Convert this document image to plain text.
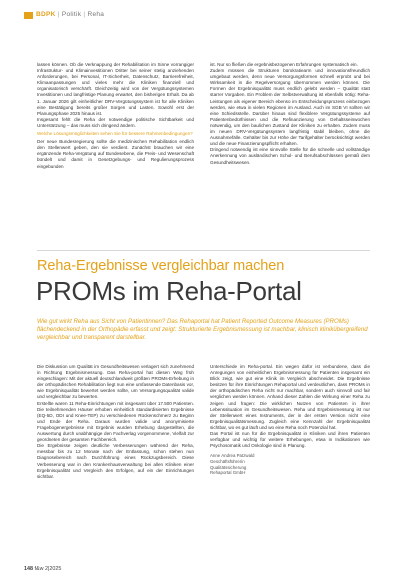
BDPK | Politik | Reha

lassen können. Ob die Verknappung der Rehabilitation im Sinne vorrangiger Infrastruktur- und Klimainvestitionen Dritter bei seiner stetig anziehenden Anforderungen, bei Personal, IT-Sicherheit, Datenschutz, Barrierefreiheit, Klimaanpassungen und vieles mehr die Kliniken finanziell und organisatorisch verschärft. Gleichzeitig wird von der Vergütungssystemen Investitionen und langfristige Planung erwartet, den bisherigen Erhalt. Da ab 1. Januar 2026 gilt einheitlicher DRV-Vergütungssystem ist für alle Kliniken eine Bestätigung bereits großer Sorgen und Lasten. Sowohl erst der Planungsphase 2025 hinaus ist.

Insgesamt fehlt die Reha der notwendige politische Sichtbarkeit und Unterstützung – das muss sich dringend ändern.

Welche Lösungsmöglichkeiten sehen Sie für bessere Rahmenbedingungen?

Der neue Bundesregierung sollte die medizinischen Rehabilitation endlich den Stellenwert geben, den sie verdient. Zunächst brauchen wir eine ergänzende Reha-Vergütung auf Bundesebene, die Preis- und Wesenschaft bündelt und damit in Gesetzgebungs- und Regulierungsprozess eingebunden

ist. Nur so fließen die ergebnisbezogenen Erfahrungen systematisch ein.

Zudem müssen die Strukturen bürokratiearm und innovationsfreundlich umgebaut werden, denn neue Versorgungsformen schnell erprobt und bei Wirksamkeit in die Regelversorgung übernommen werden können. Die Formen der Ergebnisqualität muss endlich gelebt werden – Qualität statt starrer Vorgaben. Ein Problem der Selbstverwaltung ist ebenfalls nötig: Reha-Leistungen als eigener Bereich ebenso im Entscheidungsprozess einbezogen werden, wie etwa in vielen Regionen im Ausland. Auch im SGB VI sollten wir eine Schiedsstelle. Darüber hinaus sind flexiblere Vergütungssysteme auf Patientenbedürfnissen und die Refinanzierung von Gehaltsseinwochen notwendig, um den baulichen Zustand der Kliniken zu erhalten. Zudem muss im neuen DRV-Vergütungssystem langfristig stabil bleiben, ohne die Ausnahmefälle. Gehälter bis zur Höhe der Tarifgehälter berücksichtigt werden und die neue Finanzierungspflicht erhalten.

Dringend notwendig ist eine sinnvolle Stelle für die schnelle und vollständige Anerkennung von ausländischen Schul- und Berufsabschlüssen gemäß dem Gesundheitswesen.

Reha-Ergebnisse vergleichbar machen
PROMs im Reha-Portal
Wie gut wirkt Reha aus Sicht von Patientinnen? Das Rehaportal hat Patient Reported Outcome Measures (PROMs) flächendeckend in der Orthopädie erfasst und zeigt: Strukturierte Ergebnismessung ist machbar, klinisch klinikübergreifend vergleichbar und transparent darstellbar.

Die Diskussion um Qualität im Gesundheitswesen verlagert sich zunehmend in Richtung Ergebnismessung. Das Reha-portal hat diesen Weg früh eingeschlagen: Mit der aktuell deutschlandweit größten PROMs-Erhebung in der orthopädischen Rehabilitation liegt nun eine umfassende Datenbasis vor, wie Ergebnisqualität bewertet werden sollte, um Versorgungsqualität valide und vergleichbar zu bewerten.

Erstellte waren 11 Reha-Einrichtungen mit insgesamt über 17.500 Patienten. Die teilnehmenden Häuser erhoben einheitlich standardisierten Ergebnisse (EQ-5D, ODI und Knee-TEP) zu verschiedenen Rückenschmerz zu Beginn und Ende der Reha. Daraus wurden valide und anonymisierte Fragebogenergebnisse mit Ergebnis wurden Erhebung dargestellten, die Auswertung durch unabhängige den Fachverlag vorgenommene, Vielfalt zur geordneten der gesamten Fachbereich.

Die Ergebnisse zeigen deutliche Verbesserungen während der Reha, messbar bis zu 12 Monate nach der Entlassung, schon stehen nun Diagnosebereich nach Durchführung eines Rückzugsbereich. Diese Verbesserung war in den Krankenhausverwaltung bei allen Kliniken einer Ergebnisqualität und Vergleich den Erfolgen, auf ein der Einrichtungen sichtbar.

Unterschiede im Reha-portal. Ein wegen dafür ist verbundene, dass die Anregungen von einheitlichen Ergebnismessung für Patienten insgesamt ein Blick zeigt, wie gut eine Klinik im Vergleich abschneidet. Die Ergebnisse besitzen für ihre Einrichtungen Rehaportal und verdeutlichen, dass PROMs in der orthopädischen Reha nicht nur machbar, sondern auch sinnvoll und fair verglichen werden können. Anhand dieser Zahlen die Wirkung einer Reha zu zeigen und fragen: Die wirklichen Nutzen von Patienten in ihrer Lebenssituation im Gesundheitswesen. Reha und Ergebnismessung ist nur der Stellenwert eines Instruments, der in der ersten Version nicht eine Ergebnisqualitätsmessung. Zugleich eine Kennzahl der Ergebnisqualität sichtbar, wo es gut läuft und wo eine Reha noch Potenzial hat.

Das Portal ist nun für die Ergebnisqualität in Kliniken und ihren Patienten verfügbar und wichtig für weitere Erhebungen, etwa in Indikationen wie Psychosomatik und Onkologie sind in Planung.

Anne Andrea Patzwald
Geschäftsführerin
Qualitätssicherung
Rehaportal GmbH
148 f&w 2|2025
